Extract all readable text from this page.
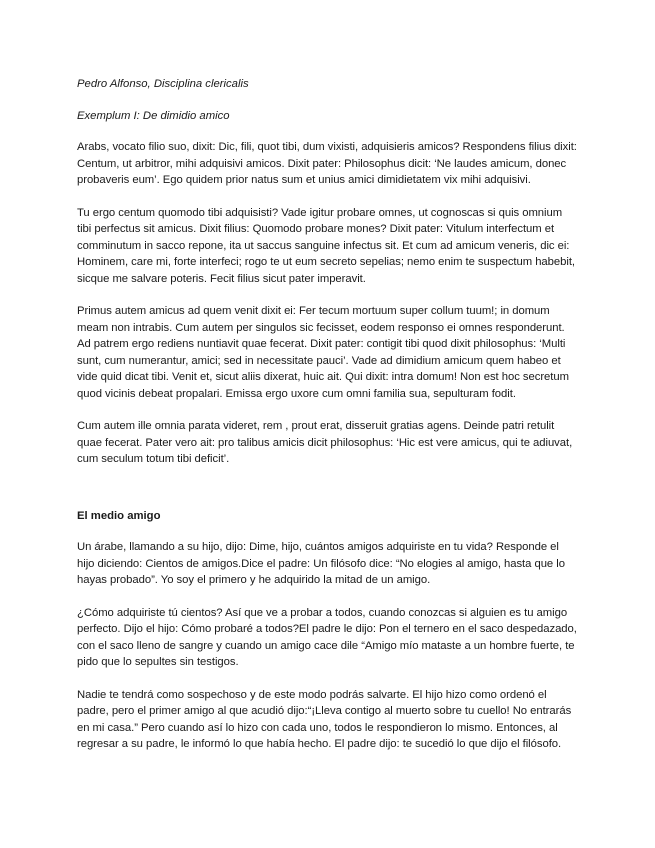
Pedro Alfonso, Disciplina clericalis

Exemplum I: De dimidio amico

Arabs, vocato filio suo, dixit: Dic, fili, quot tibi, dum vixisti, adquisieris amicos? Respondens filius dixit: Centum, ut arbitror, mihi adquisivi amicos. Dixit pater: Philosophus dicit: ‘Ne laudes amicum, donec probaveris eum’. Ego quidem prior natus sum et unius amici dimidietatem vix mihi adquisivi.

Tu ergo centum quomodo tibi adquisisti? Vade igitur probare omnes, ut cognoscas si quis omnium tibi perfectus sit amicus. Dixit filius: Quomodo probare mones? Dixit pater: Vitulum interfectum et comminutum in sacco repone, ita ut saccus sanguine infectus sit. Et cum ad amicum veneris, dic ei: Hominem, care mi, forte interfeci; rogo te ut eum secreto sepelias; nemo enim te suspectum habebit, sicque me salvare poteris. Fecit filius sicut pater imperavit.

Primus autem amicus ad quem venit dixit ei: Fer tecum mortuum super collum tuum!; in domum meam non intrabis. Cum autem per singulos sic fecisset, eodem responso ei omnes responderunt. Ad patrem ergo rediens nuntiavit quae fecerat. Dixit pater: contigit tibi quod dixit philosophus: ‘Multi sunt, cum numerantur, amici; sed in necessitate pauci’. Vade ad dimidium amicum quem habeo et vide quid dicat tibi. Venit et, sicut aliis dixerat, huic ait. Qui dixit: intra domum! Non est hoc secretum quod vicinis debeat propalari. Emissa ergo uxore cum omni familia sua, sepulturam fodit.

Cum autem ille omnia parata videret, rem , prout erat, disseruit gratias agens. Deinde patri retulit quae fecerat. Pater vero ait: pro talibus amicis dicit philosophus: ‘Hic est vere amicus, qui te adiuvat, cum seculum totum tibi deficit’.

El medio amigo

Un árabe, llamando a su hijo, dijo: Dime, hijo, cuántos amigos adquiriste en tu vida? Responde el hijo diciendo: Cientos de amigos.Dice el padre: Un filósofo dice: “No elogies al amigo, hasta que lo hayas probado”. Yo soy el primero y he adquirido la mitad de un amigo.

¿Cómo adquiriste tú cientos? Así que ve a probar a todos, cuando conozcas si alguien es tu amigo perfecto. Dijo el hijo: Cómo probaré a todos?El padre le dijo: Pon el ternero en el saco despedazado, con el saco lleno de sangre y cuando un amigo cace dile “Amigo mío mataste a un hombre fuerte, te pido que lo sepultes sin testigos.

Nadie te tendrá como sospechoso y de este modo podrás salvarte. El hijo hizo como ordenó el padre, pero el primer amigo al que acudió dijo:“¡Lleva contigo al muerto sobre tu cuello! No entrarás en mi casa.” Pero cuando así lo hizo con cada uno, todos le respondieron lo mismo. Entonces, al regresar a su padre, le informó lo que había hecho. El padre dijo: te sucedió lo que dijo el filósofo.
